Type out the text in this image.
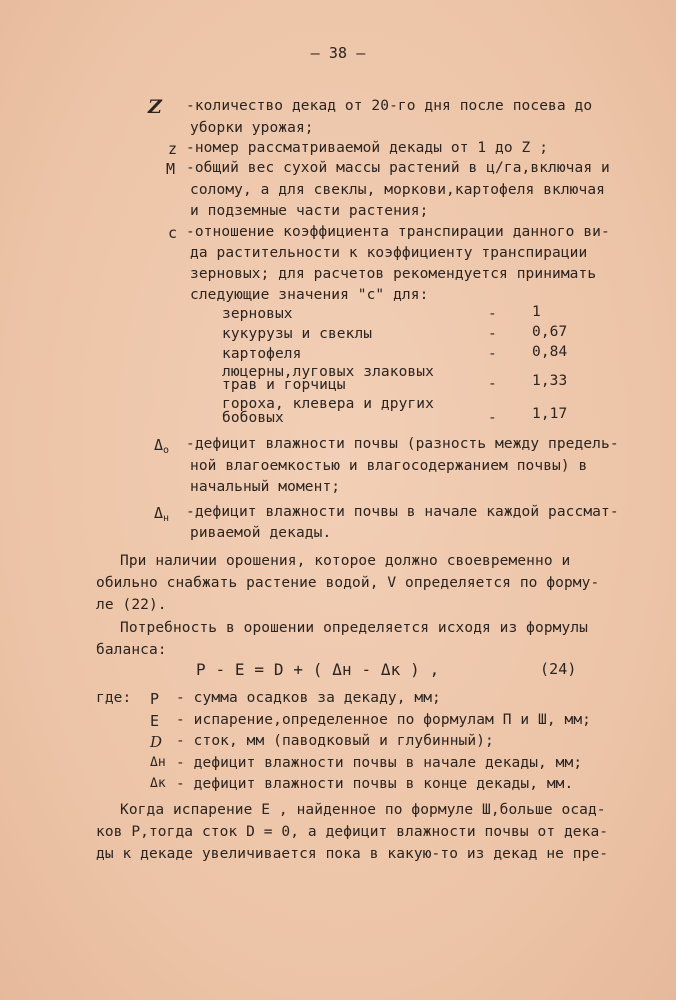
— 38 —
Z -количество декад от 20-го дня после посева до
уборки урожая;
z -номер рассматриваемой декады от 1 до Z ;
M -общий вес сухой массы растений в ц/га,включая и
солому, а для свеклы, моркови,картофеля включая
и подземные части растения;
c -отношение коэффициента транспирации данного ви-
да растительности к коэффициенту транспирации
зерновых; для расчетов рекомендуется принимать
следующие значения "с" для:
зерновых	- 1
кукурузы и свеклы	- 0,67
картофеля	- 0,84
люцерны,луговых злаковых
трав и горчицы	- 1,33
гороха, клевера и других
бобовых	- 1,17
$\Delta_о$ -дефицит влажности почвы (разность между предель-
ной влагоемкостью и влагосодержанием почвы) в
начальный момент;
$\Delta_н$ -дефицит влажности почвы в начале каждой рассмат-
риваемой декады.
При наличии орошения, которое должно своевременно и
обильно снабжать растение водой, V определяется по форму-
ле (22).
Потребность в орошении определяется исходя из формулы
баланса:
P - E = D + ( Δн - Δк ) ,	(24)
где: P - сумма осадков за декаду, мм;
E - испарение,определенное по формулам П и Ш, мм;
D - сток, мм (паводковый и глубинный);
Δн - дефицит влажности почвы в начале декады, мм;
Δк - дефицит влажности почвы в конце декады, мм.
Когда испарение E , найденное по формуле Ш,больше осад-
ков P,тогда сток D = 0, а дефицит влажности почвы от дека-
ды к декаде увеличивается пока в какую-то из декад не пре-
